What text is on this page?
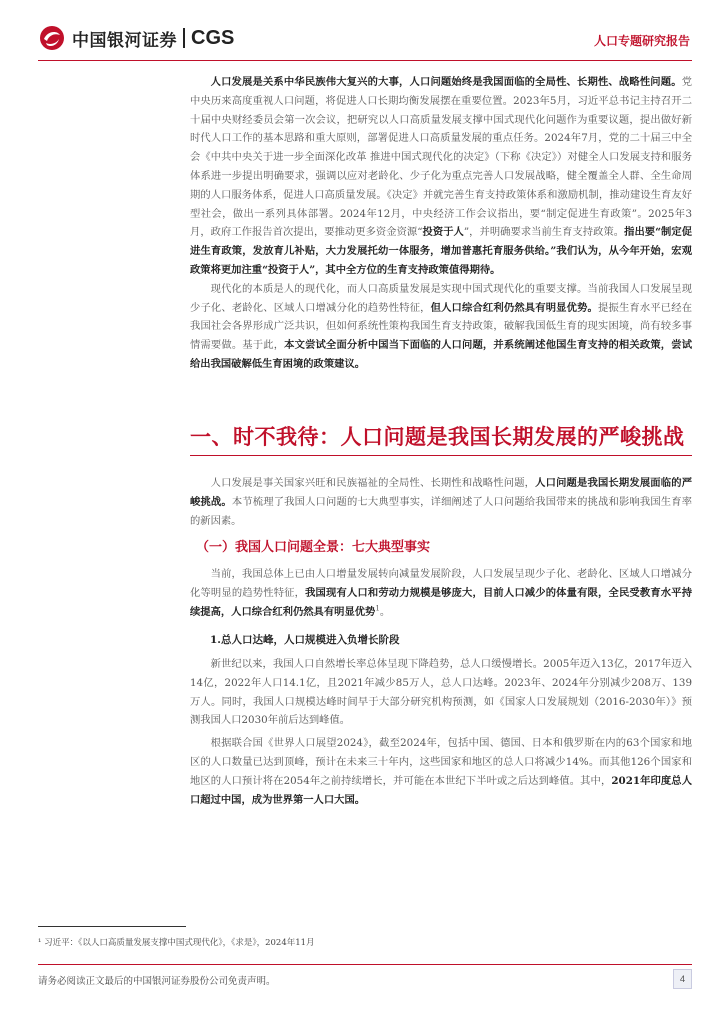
中国银河证券 CGS	人口专题研究报告

人口发展是关系中华民族伟大复兴的大事，人口问题始终是我国面临的全局性、长期性、战略性问题。党中央历来高度重视人口问题，将促进人口长期均衡发展摆在重要位置。2023年5月，习近平总书记主持召开二十届中央财经委员会第一次会议，把研究以人口高质量发展支撑中国式现代化问题作为重要议题，提出做好新时代人口工作的基本思路和重大原则，部署促进人口高质量发展的重点任务。2024年7月，党的二十届三中全会《中共中央关于进一步全面深化改革 推进中国式现代化的决定》（下称《决定》）对健全人口发展支持和服务体系进一步提出明确要求，强调以应对老龄化、少子化为重点完善人口发展战略，健全覆盖全人群、全生命周期的人口服务体系，促进人口高质量发展。《决定》并就完善生育支持政策体系和激励机制，推动建设生育友好型社会，做出一系列具体部署。2024年12月，中央经济工作会议指出，要“制定促进生育政策”。2025年3月，政府工作报告首次提出，要推动更多资金资源“投资于人”，并明确要求当前生育支持政策。指出要“制定促进生育政策，发放育儿补贴，大力发展托幼一体服务，增加普惠托育服务供给。”我们认为，从今年开始，宏观政策将更加注重“投资于人”，其中全方位的生育支持政策值得期待。

现代化的本质是人的现代化，而人口高质量发展是实现中国式现代化的重要支撑。当前我国人口发展呈现少子化、老龄化、区域人口增减分化的趋势性特征，但人口综合红利仍然具有明显优势。提振生育水平已经在我国社会各界形成广泛共识，但如何系统性策构我国生育支持政策，破解我国低生育的现实困境，尚有较多事情需要做。基于此，本文尝试全面分析中国当下面临的人口问题，并系统阐述他国生育支持的相关政策，尝试给出我国破解低生育困境的政策建议。

一、时不我待：人口问题是我国长期发展的严峻挑战

人口发展是事关国家兴旺和民族福祉的全局性、长期性和战略性问题，人口问题是我国长期发展面临的严峻挑战。本节梳理了我国人口问题的七大典型事实，详细阐述了人口问题给我国带来的挑战和影响我国生育率的新因素。

（一）我国人口问题全景：七大典型事实

当前，我国总体上已由人口增量发展转向减量发展阶段，人口发展呈现少子化、老龄化、区域人口增减分化等明显的趋势性特征，我国现有人口和劳动力规模是够庞大，目前人口减少的体量有限，全民受教育水平持续提高，人口综合红利仍然具有明显优势$^1$。

1.总人口达峰，人口规模进入负增长阶段

新世纪以来，我国人口自然增长率总体呈现下降趋势，总人口缓慢增长。2005年迈入13亿，2017年迈入14亿，2022年人口14.1亿，且2021年减少85万人，总人口达峰。2023年、2024年分别减少208万、139万人。同时，我国人口规模达峰时间早于大部分研究机构预测，如《国家人口发展规划（2016-2030年）》预测我国人口2030年前后达到峰值。

根据联合国《世界人口展望2024》，截至2024年，包括中国、德国、日本和俄罗斯在内的63个国家和地区的人口数量已达到顶峰，预计在未来三十年内，这些国家和地区的总人口将减少14%。而其他126个国家和地区的人口预计将在2054年之前持续增长，并可能在本世纪下半叶或之后达到峰值。其中，2021年印度总人口超过中国，成为世界第一人口大国。

¹ 习近平：《以人口高质量发展支撑中国式现代化》，《求是》，2024年11月
请务必阅读正文最后的中国银河证券股份公司免责声明。	4
